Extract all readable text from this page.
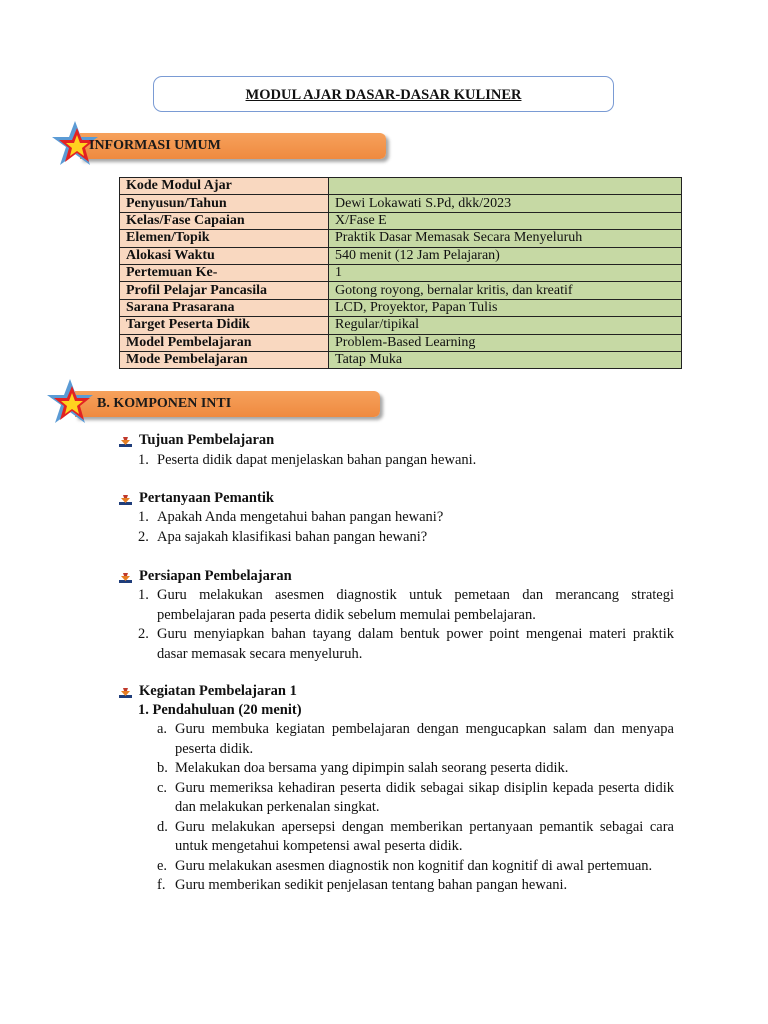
MODUL AJAR DASAR-DASAR KULINER
INFORMASI UMUM
Kode Modul Ajar	
Penyusun/Tahun	Dewi Lokawati S.Pd, dkk/2023
Kelas/Fase Capaian	X/Fase E
Elemen/Topik	Praktik Dasar Memasak Secara Menyeluruh
Alokasi Waktu	540 menit (12 Jam Pelajaran)
Pertemuan Ke-	1
Profil Pelajar Pancasila	Gotong royong, bernalar kritis, dan kreatif
Sarana Prasarana	LCD, Proyektor, Papan Tulis
Target Peserta Didik	Regular/tipikal
Model Pembelajaran	Problem-Based Learning
Mode Pembelajaran	Tatap Muka
B. KOMPONEN INTI
Tujuan Pembelajaran
1. Peserta didik dapat menjelaskan bahan pangan hewani.
Pertanyaan Pemantik
1. Apakah Anda mengetahui bahan pangan hewani?
2. Apa sajakah klasifikasi bahan pangan hewani?
Persiapan Pembelajaran
1. Guru melakukan asesmen diagnostik untuk pemetaan dan merancang strategi pembelajaran pada peserta didik sebelum memulai pembelajaran.
2. Guru menyiapkan bahan tayang dalam bentuk power point mengenai materi praktik dasar memasak secara menyeluruh.
Kegiatan Pembelajaran 1
1. Pendahuluan (20 menit)
a. Guru membuka kegiatan pembelajaran dengan mengucapkan salam dan menyapa peserta didik.
b. Melakukan doa bersama yang dipimpin salah seorang peserta didik.
c. Guru memeriksa kehadiran peserta didik sebagai sikap disiplin kepada peserta didik dan melakukan perkenalan singkat.
d. Guru melakukan apersepsi dengan memberikan pertanyaan pemantik sebagai cara untuk mengetahui kompetensi awal peserta didik.
e. Guru melakukan asesmen diagnostik non kognitif dan kognitif di awal pertemuan.
f. Guru memberikan sedikit penjelasan tentang bahan pangan hewani.
